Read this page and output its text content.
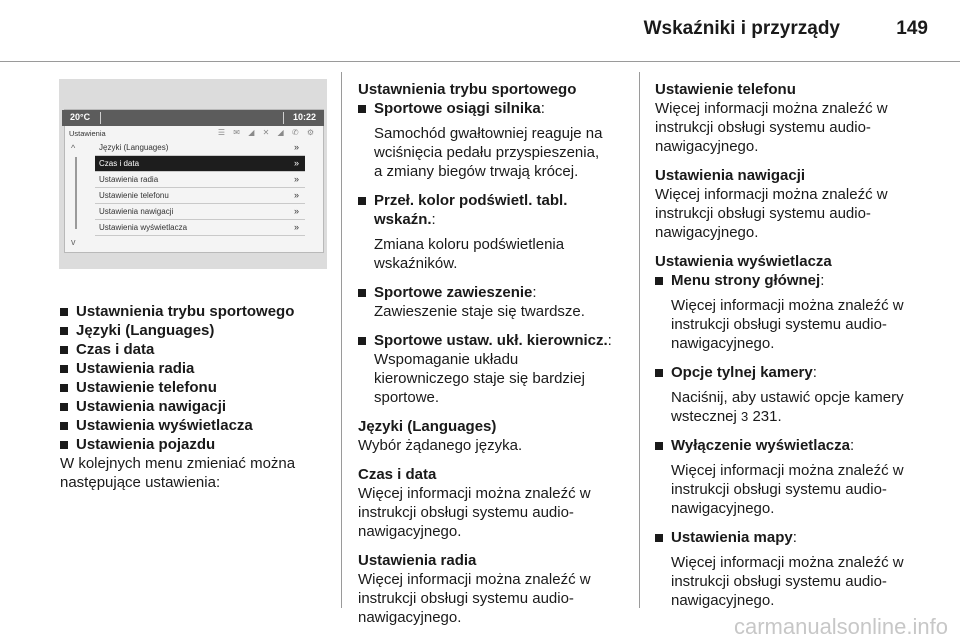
Wskaźniki i przyrządy	149
20°C	10:22
Ustawienia	☰ ✉ ◢ ✕ ◢ ✆ ⚙
^
v
Języki (Languages)	»
Czas i data	»
Ustawienia radia	»
Ustawienie telefonu	»
Ustawienia nawigacji	»
Ustawienia wyświetlacza	»

Ustawnienia trybu sportowego

Języki (Languages)

Czas i data

Ustawienia radia

Ustawienie telefonu

Ustawienia nawigacji

Ustawienia wyświetlacza

Ustawienia pojazdu

W kolejnych menu zmieniać można
następujące ustawienia:

Ustawnienia trybu sportowego

Sportowe osiągi silnika:

Samochód gwałtowniej reaguje na
wciśnięcia pedału przyspieszenia,
a zmiany biegów trwają krócej.

Przeł. kolor podświetl. tabl.
wskaźn.:

Zmiana koloru podświetlenia
wskaźników.

Sportowe zawieszenie:
Zawieszenie staje się twardsze.

Sportowe ustaw. ukł. kierownicz.:
Wspomaganie układu
kierowniczego staje się bardziej
sportowe.

Języki (Languages)

Wybór żądanego języka.

Czas i data

Więcej informacji można znaleźć w
instrukcji obsługi systemu audio-
nawigacyjnego.

Ustawienia radia

Więcej informacji można znaleźć w
instrukcji obsługi systemu audio-
nawigacyjnego.

Ustawienie telefonu

Więcej informacji można znaleźć w
instrukcji obsługi systemu audio-
nawigacyjnego.

Ustawienia nawigacji

Więcej informacji można znaleźć w
instrukcji obsługi systemu audio-
nawigacyjnego.

Ustawienia wyświetlacza

Menu strony głównej:

Więcej informacji można znaleźć w
instrukcji obsługi systemu audio-
nawigacyjnego.

Opcje tylnej kamery:

Naciśnij, aby ustawić opcje kamery
wstecznej 3 231.

Wyłączenie wyświetlacza:

Więcej informacji można znaleźć w
instrukcji obsługi systemu audio-
nawigacyjnego.

Ustawienia mapy:

Więcej informacji można znaleźć w
instrukcji obsługi systemu audio-
nawigacyjnego.

carmanualsonline.info
